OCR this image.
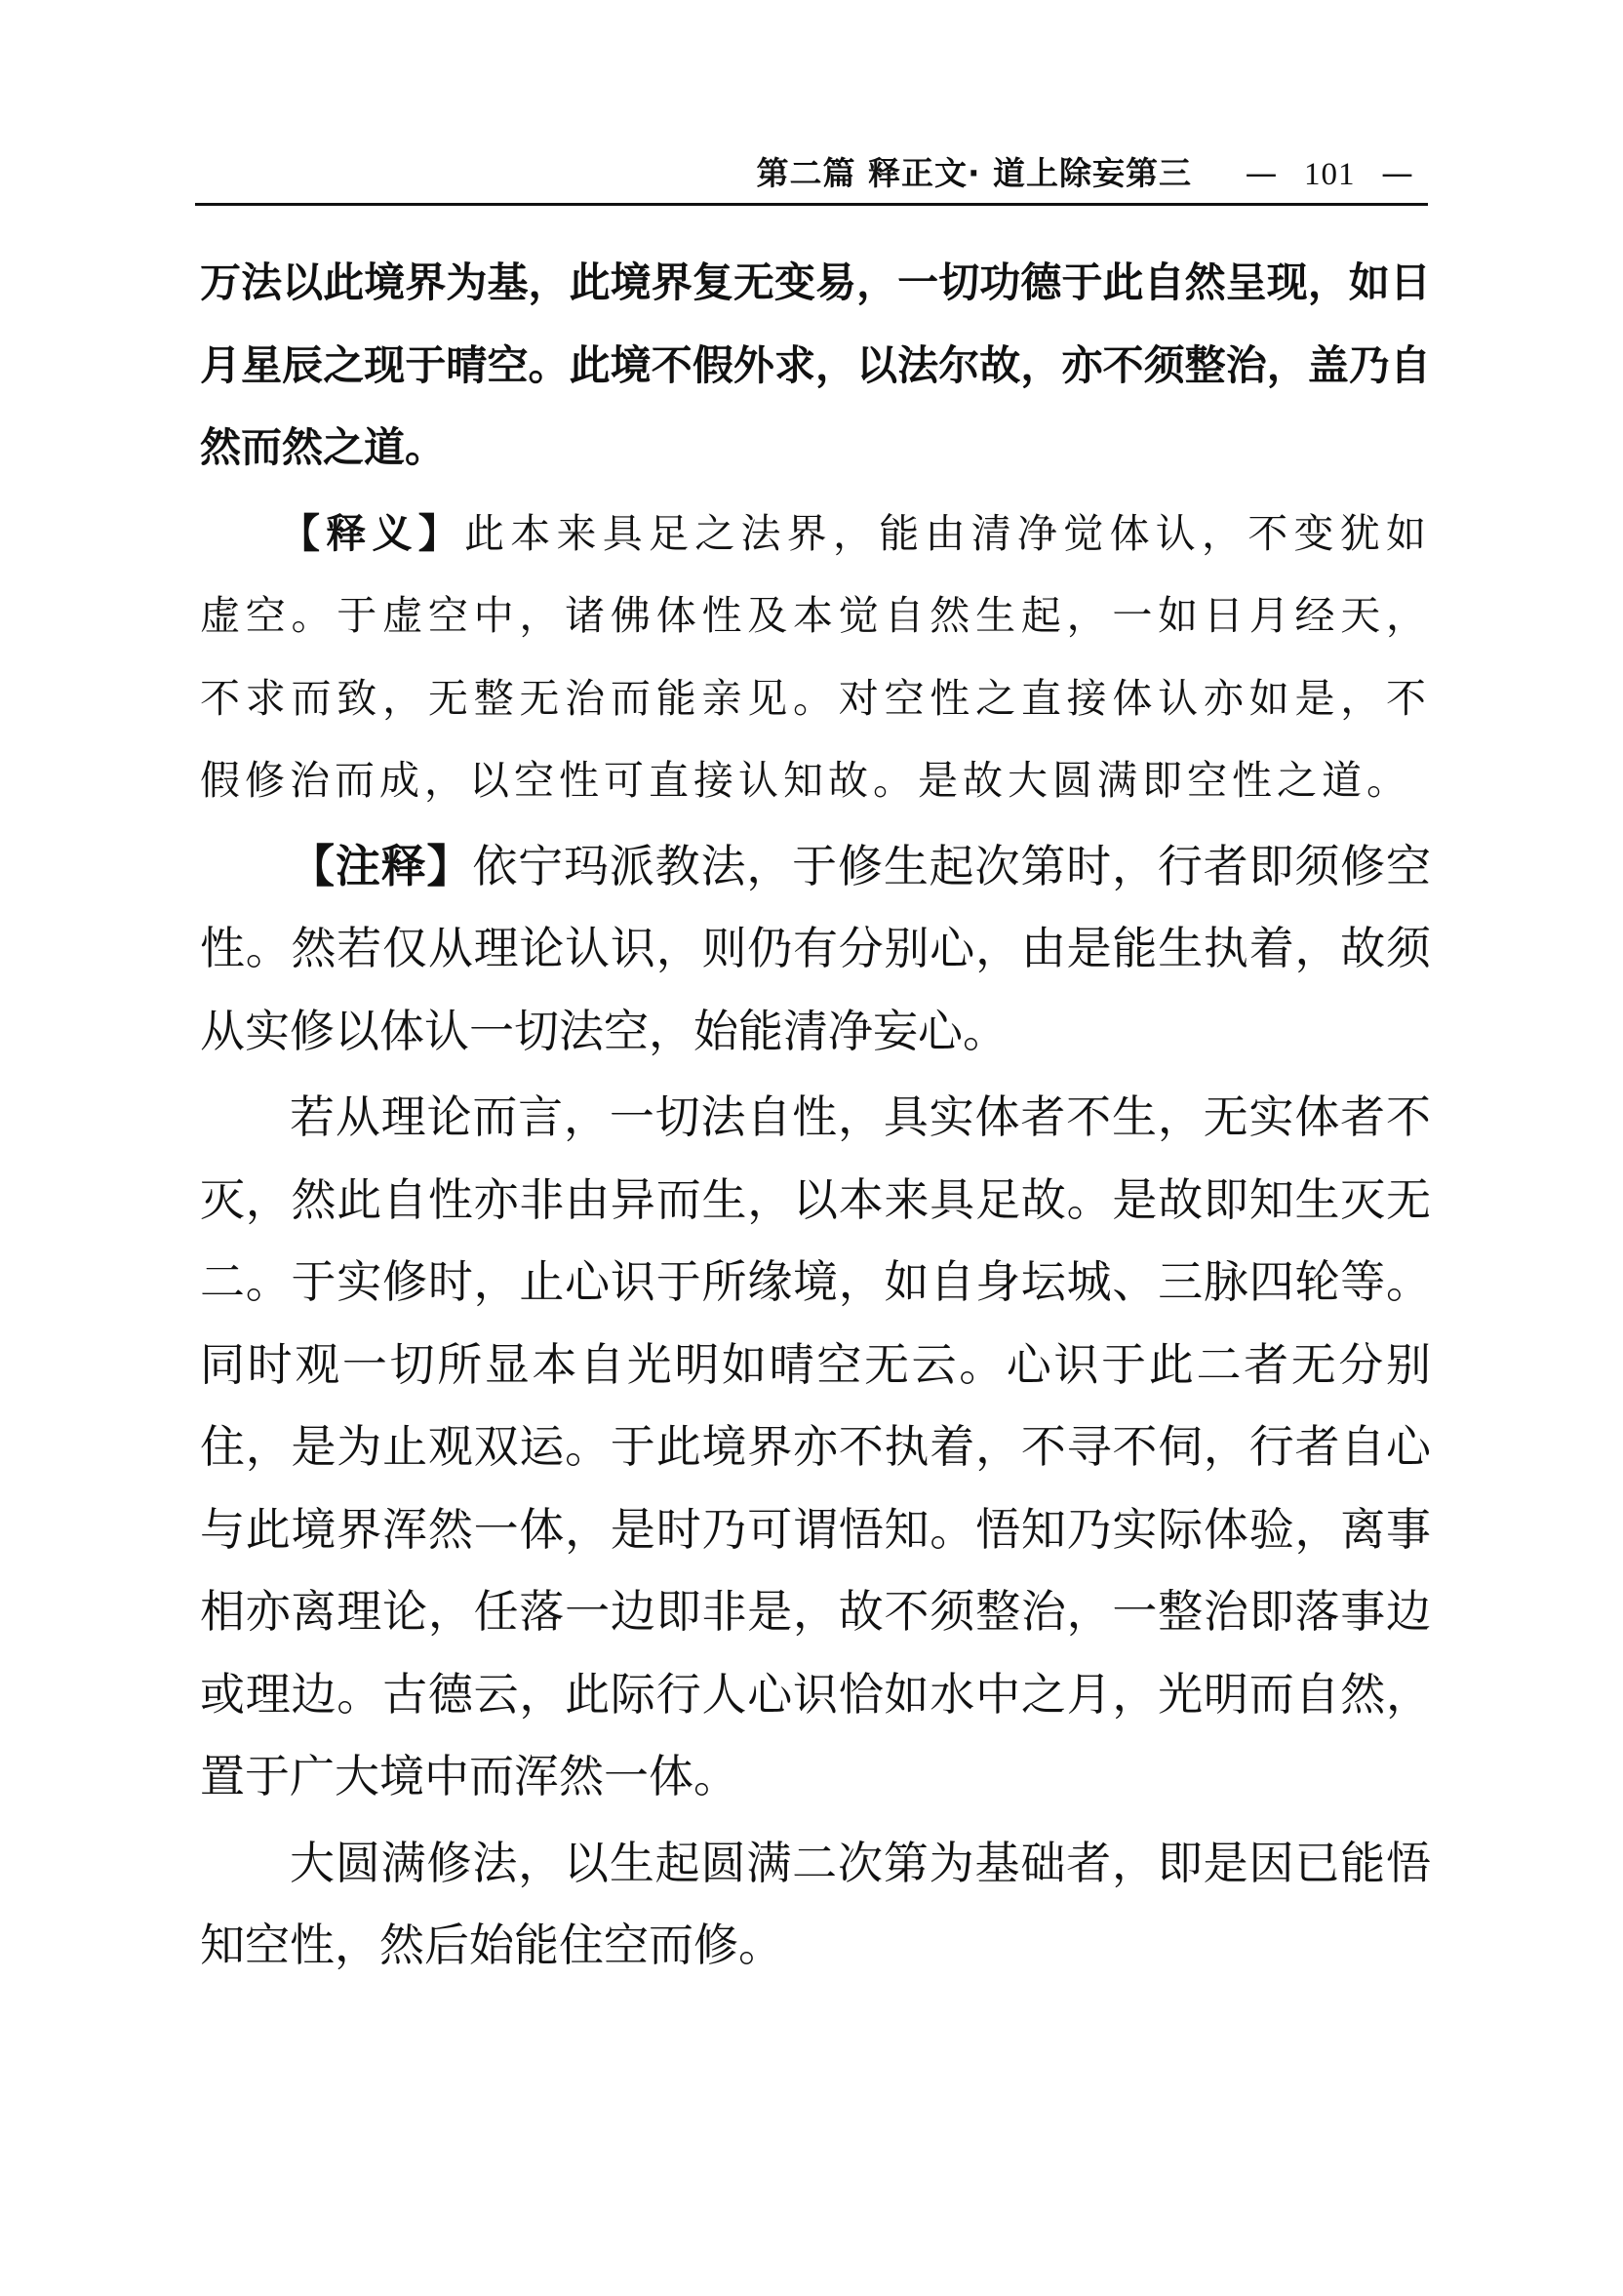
第二篇 释正文· 道上除妄第三 — 101 —

万法以此境界为基，此境界复无变易，一切功德于此自然呈现，如日月星辰之现于晴空。此境不假外求，以法尔故，亦不须整治，盖乃自然而然之道。

【释义】此本来具足之法界，能由清净觉体认，不变犹如虚空。于虚空中，诸佛体性及本觉自然生起，一如日月经天，不求而致，无整无治而能亲见。对空性之直接体认亦如是，不假修治而成，以空性可直接认知故。是故大圆满即空性之道。

【注释】依宁玛派教法，于修生起次第时，行者即须修空性。然若仅从理论认识，则仍有分别心，由是能生执着，故须从实修以体认一切法空，始能清净妄心。

若从理论而言，一切法自性，具实体者不生，无实体者不灭，然此自性亦非由异而生，以本来具足故。是故即知生灭无二。于实修时，止心识于所缘境，如自身坛城、三脉四轮等。同时观一切所显本自光明如晴空无云。心识于此二者无分别住，是为止观双运。于此境界亦不执着，不寻不伺，行者自心与此境界浑然一体，是时乃可谓悟知。悟知乃实际体验，离事相亦离理论，任落一边即非是，故不须整治，一整治即落事边或理边。古德云，此际行人心识恰如水中之月，光明而自然，置于广大境中而浑然一体。

大圆满修法，以生起圆满二次第为基础者，即是因已能悟知空性，然后始能住空而修。
